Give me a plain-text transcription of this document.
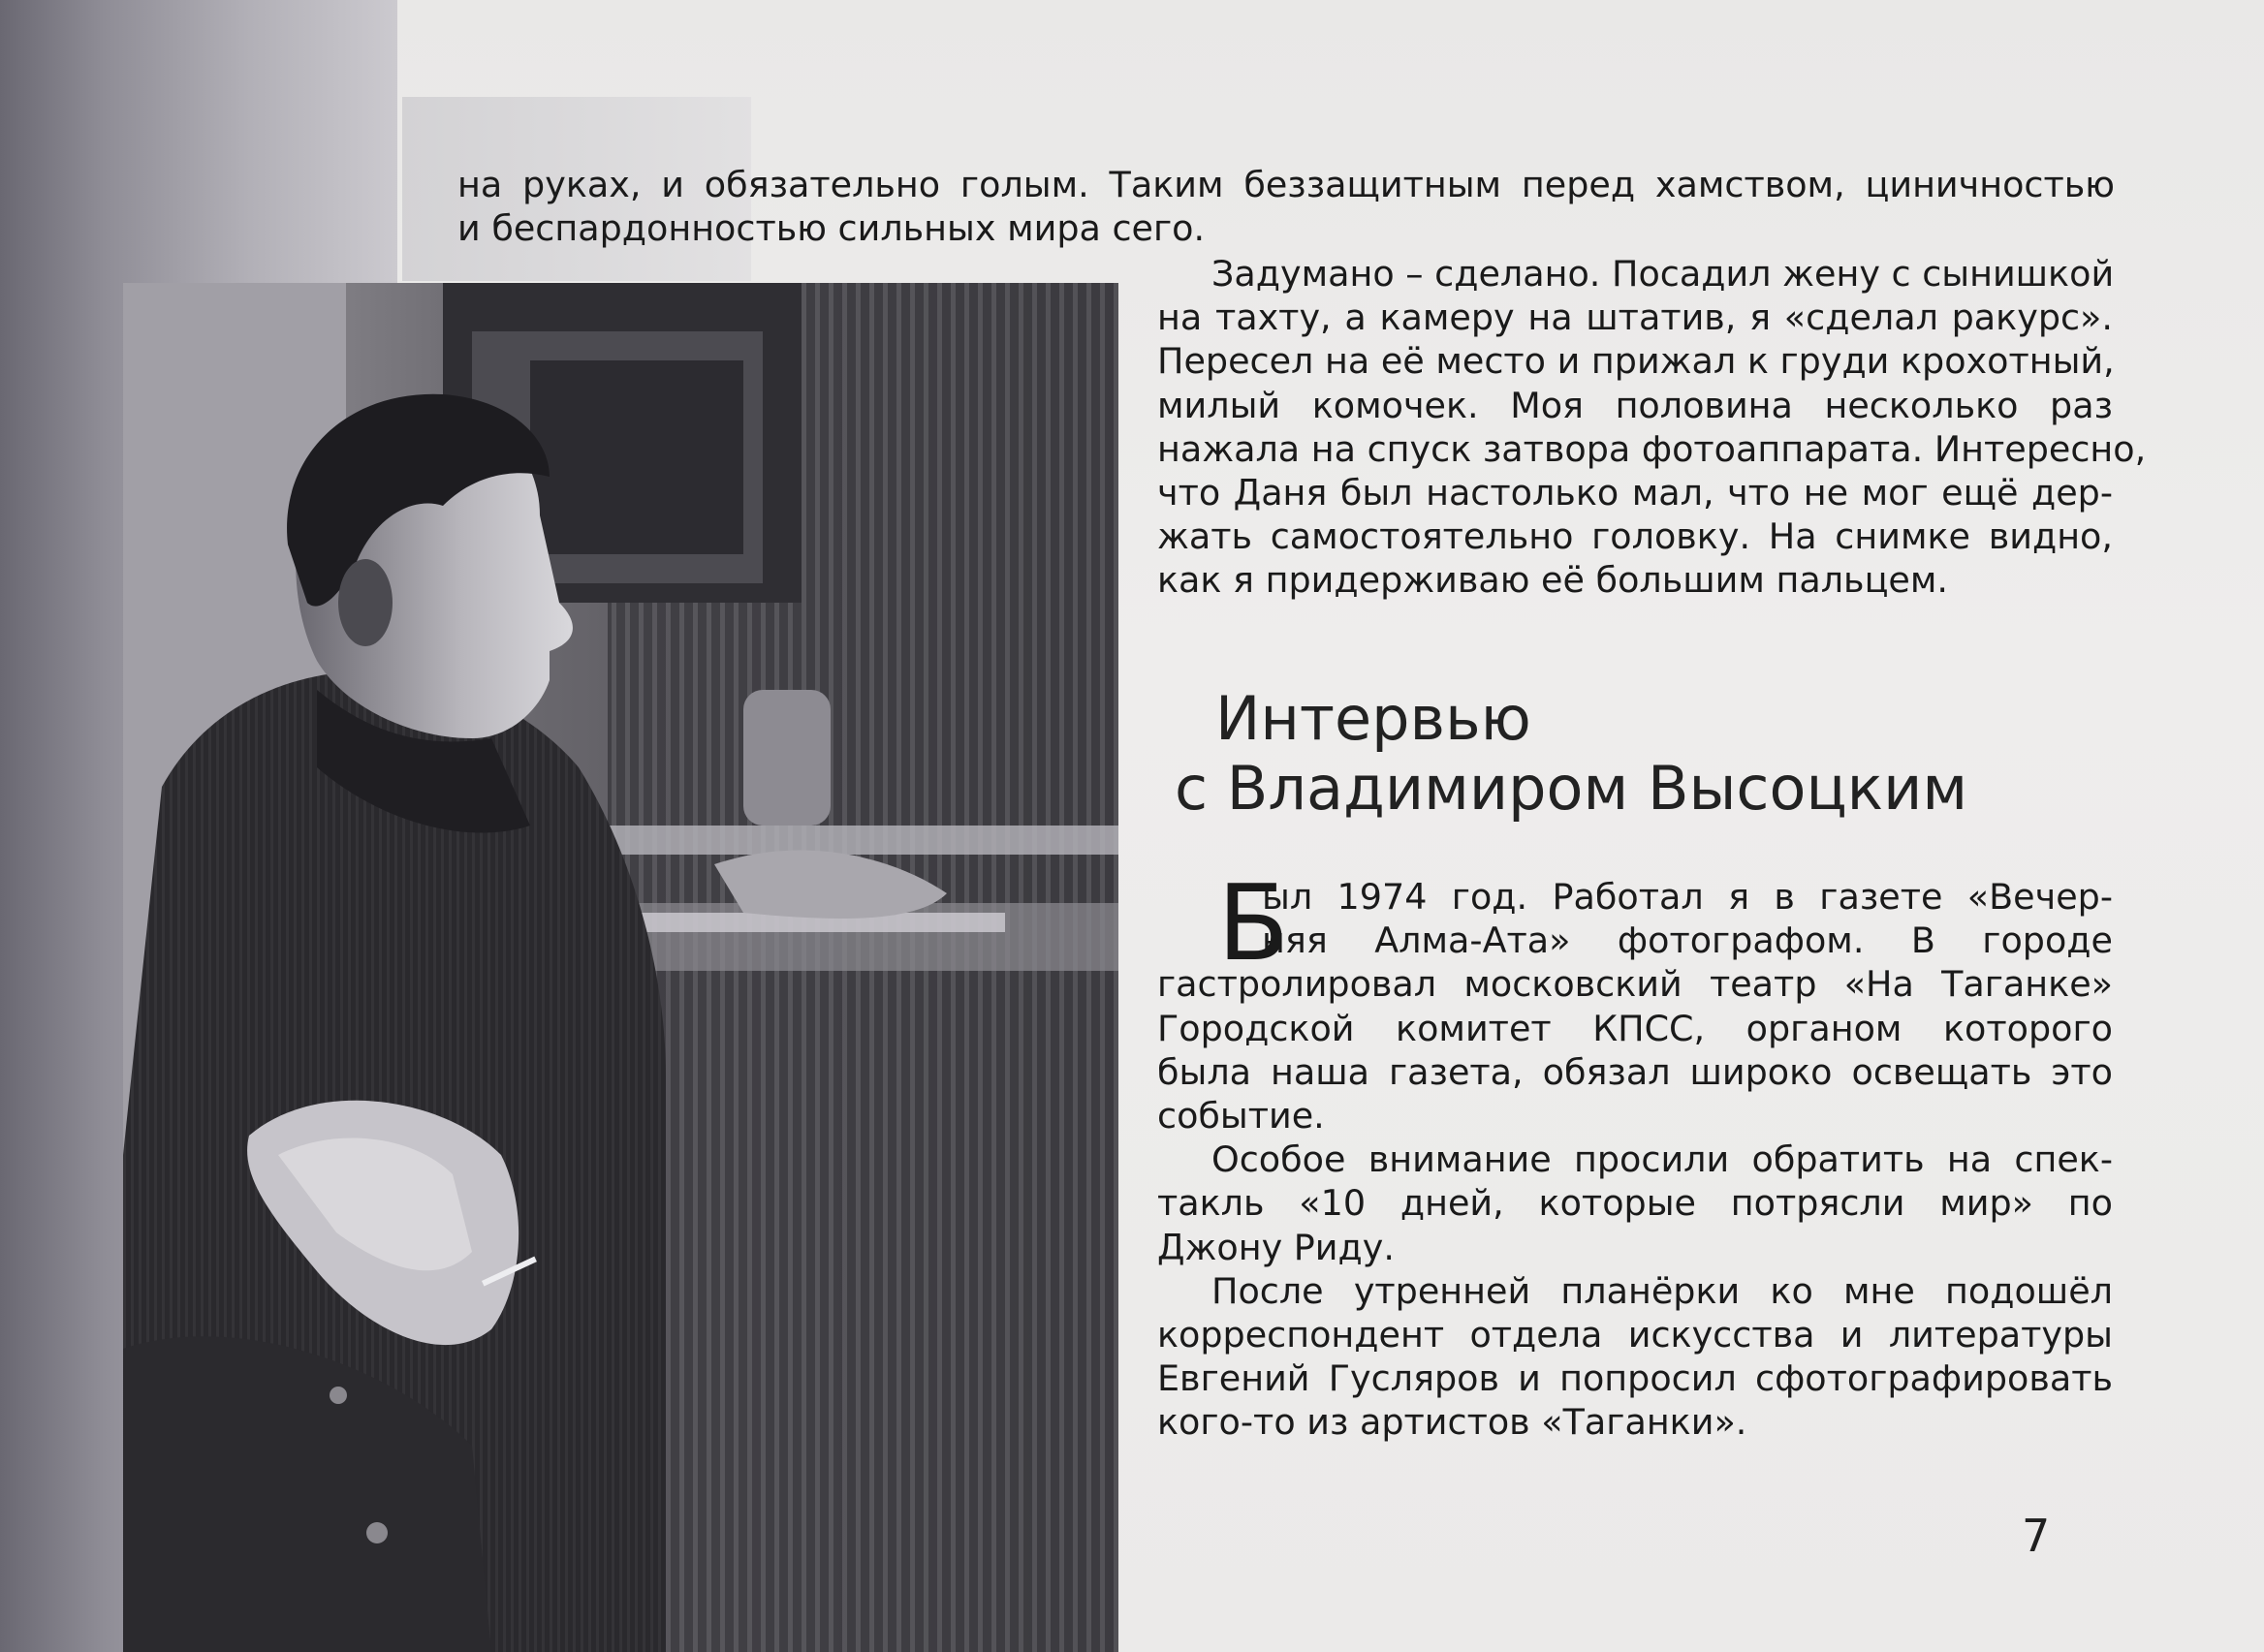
на руках, и обязательно голым. Таким беззащитным перед хамством, циничностью
и беспардонностью сильных мира сего.
Задумано – сделано. Посадил жену с сынишкой
на тахту, а камеру на штатив, я «сделал ракурс».
Пересел на её место и прижал к груди крохотный,
милый комочек. Моя половина несколько раз
нажала на спуск затвора фотоаппарата. Интересно,
что Даня был настолько мал, что не мог ещё дер-
жать самостоятельно головку. На снимке видно,
как я придерживаю её большим пальцем.
Интервью
с Владимиром Высоцким
Б
ыл 1974 год. Работал я в газете «Вечер-
няя Алма-Ата» фотографом. В городе
гастролировал московский театр «На Таганке»
Городской комитет КПСС, органом которого
была наша газета, обязал широко освещать это
событие.
Особое внимание просили обратить на спек-
такль «10 дней, которые потрясли мир» по
Джону Риду.
После утренней планёрки ко мне подошёл
корреспондент отдела искусства и литературы
Евгений Гусляров и попросил сфотографировать
кого-то из артистов «Таганки».
7
